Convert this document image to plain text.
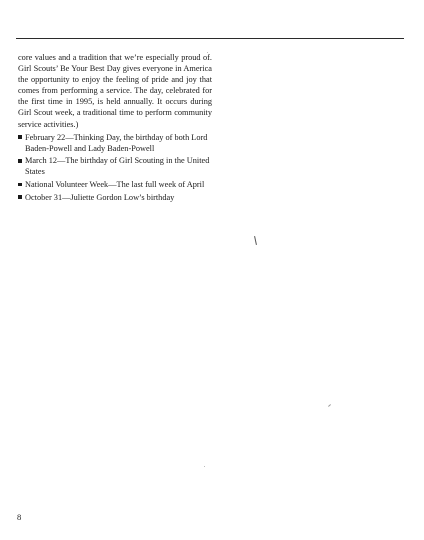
core values and a tradition that we’re especially proud of. Girl Scouts’ Be Your Best Day gives everyone in America the opportunity to enjoy the feeling of pride and joy that comes from performing a service. The day, celebrated for the first time in 1995, is held annually. It occurs during Girl Scout week, a traditional time to perform community service activities.)

February 22—Thinking Day, the birthday of both Lord Baden-Powell and Lady Baden-Powell
March 12—The birthday of Girl Scouting in the United States
National Volunteer Week—The last full week of April
October 31—Juliette Gordon Low’s birthday
8
